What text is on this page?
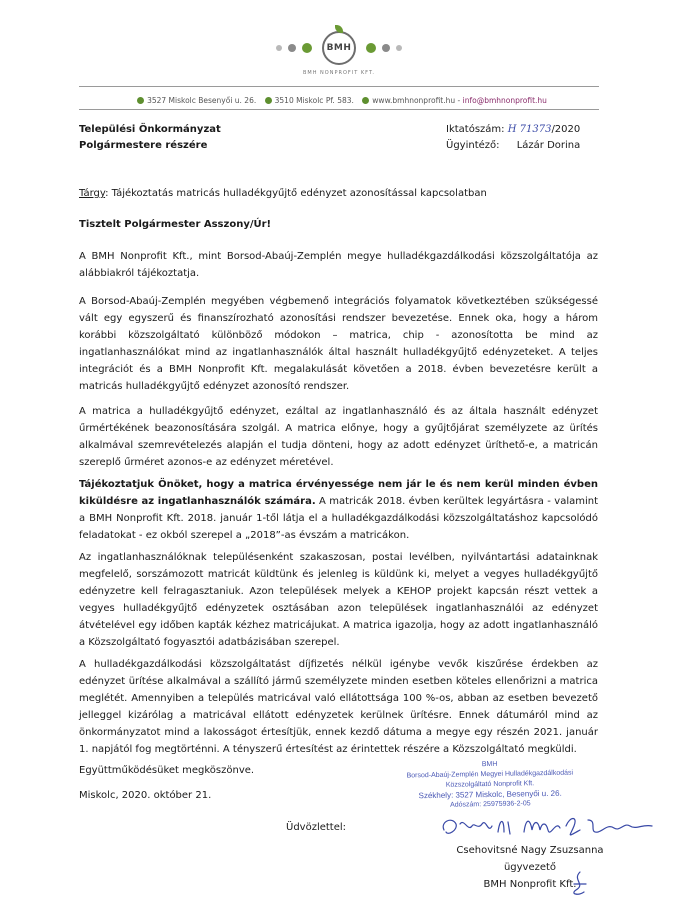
BMH
BMH NONPROFIT KFT.
3527 Miskolc Besenyői u. 26. 3510 Miskolc Pf. 583. www.bmhnonprofit.hu - info@bmhnonprofit.hu
Települési Önkormányzat
Polgármestere részére
Iktatószám: H 71373/2020
Ügyintéző: Lázár Dorina
Tárgy: Tájékoztatás matricás hulladékgyűjtő edényzet azonosítással kapcsolatban
Tisztelt Polgármester Asszony/Úr!
A BMH Nonprofit Kft., mint Borsod-Abaúj-Zemplén megye hulladékgazdálkodási közszolgáltatója az alábbiakról tájékoztatja.
A Borsod-Abaúj-Zemplén megyében végbemenő integrációs folyamatok következtében szükségessé vált egy egyszerű és finanszírozható azonosítási rendszer bevezetése. Ennek oka, hogy a három korábbi közszolgáltató különböző módokon – matrica, chip - azonosította be mind az ingatlanhasználókat mind az ingatlanhasználók által használt hulladékgyűjtő edényzeteket. A teljes integrációt és a BMH Nonprofit Kft. megalakulását követően a 2018. évben bevezetésre került a matricás hulladékgyűjtő edényzet azonosító rendszer.
A matrica a hulladékgyűjtő edényzet, ezáltal az ingatlanhasználó és az általa használt edényzet űrmértékének beazonosítására szolgál. A matrica előnye, hogy a gyűjtőjárat személyzete az ürítés alkalmával szemrevételezés alapján el tudja dönteni, hogy az adott edényzet üríthető-e, a matricán szereplő űrméret azonos-e az edényzet méretével.
Tájékoztatjuk Önöket, hogy a matrica érvényessége nem jár le és nem kerül minden évben kiküldésre az ingatlanhasználók számára. A matricák 2018. évben kerültek legyártásra - valamint a BMH Nonprofit Kft. 2018. január 1-től látja el a hulladékgazdálkodási közszolgáltatáshoz kapcsolódó feladatokat - ez okból szerepel a „2018”-as évszám a matricákon.
Az ingatlanhasználóknak településenként szakaszosan, postai levélben, nyilvántartási adatainknak megfelelő, sorszámozott matricát küldtünk és jelenleg is küldünk ki, melyet a vegyes hulladékgyűjtő edényzetre kell felragasztaniuk. Azon települések melyek a KEHOP projekt kapcsán részt vettek a vegyes hulladékgyűjtő edényzetek osztásában azon települések ingatlanhasználói az edényzet átvételével egy időben kapták kézhez matricájukat. A matrica igazolja, hogy az adott ingatlanhasználó a Közszolgáltató fogyasztói adatbázisában szerepel.
A hulladékgazdálkodási közszolgáltatást díjfizetés nélkül igénybe vevők kiszűrése érdekben az edényzet ürítése alkalmával a szállító jármű személyzete minden esetben köteles ellenőrizni a matrica meglétét. Amennyiben a település matricával való ellátottsága 100 %-os, abban az esetben bevezető jelleggel kizárólag a matricával ellátott edényzetek kerülnek ürítésre. Ennek dátumáról mind az önkormányzatot mind a lakosságot értesítjük, ennek kezdő dátuma a megye egy részén 2021. január 1. napjától fog megtörténni. A tényszerű értesítést az érintettek részére a Közszolgáltató megküldi.
Együttműködésüket megköszönve.
Miskolc, 2020. október 21.
Üdvözlettel:
BMH
Borsod-Abaúj-Zemplén Megyei Hulladékgazdálkodási
Közszolgáltató Nonprofit Kft.
Székhely: 3527 Miskolc, Besenyői u. 26.
Adószám: 25975936-2-05
Csehovitsné Nagy Zsuzsanna
ügyvezető
BMH Nonprofit Kft.
